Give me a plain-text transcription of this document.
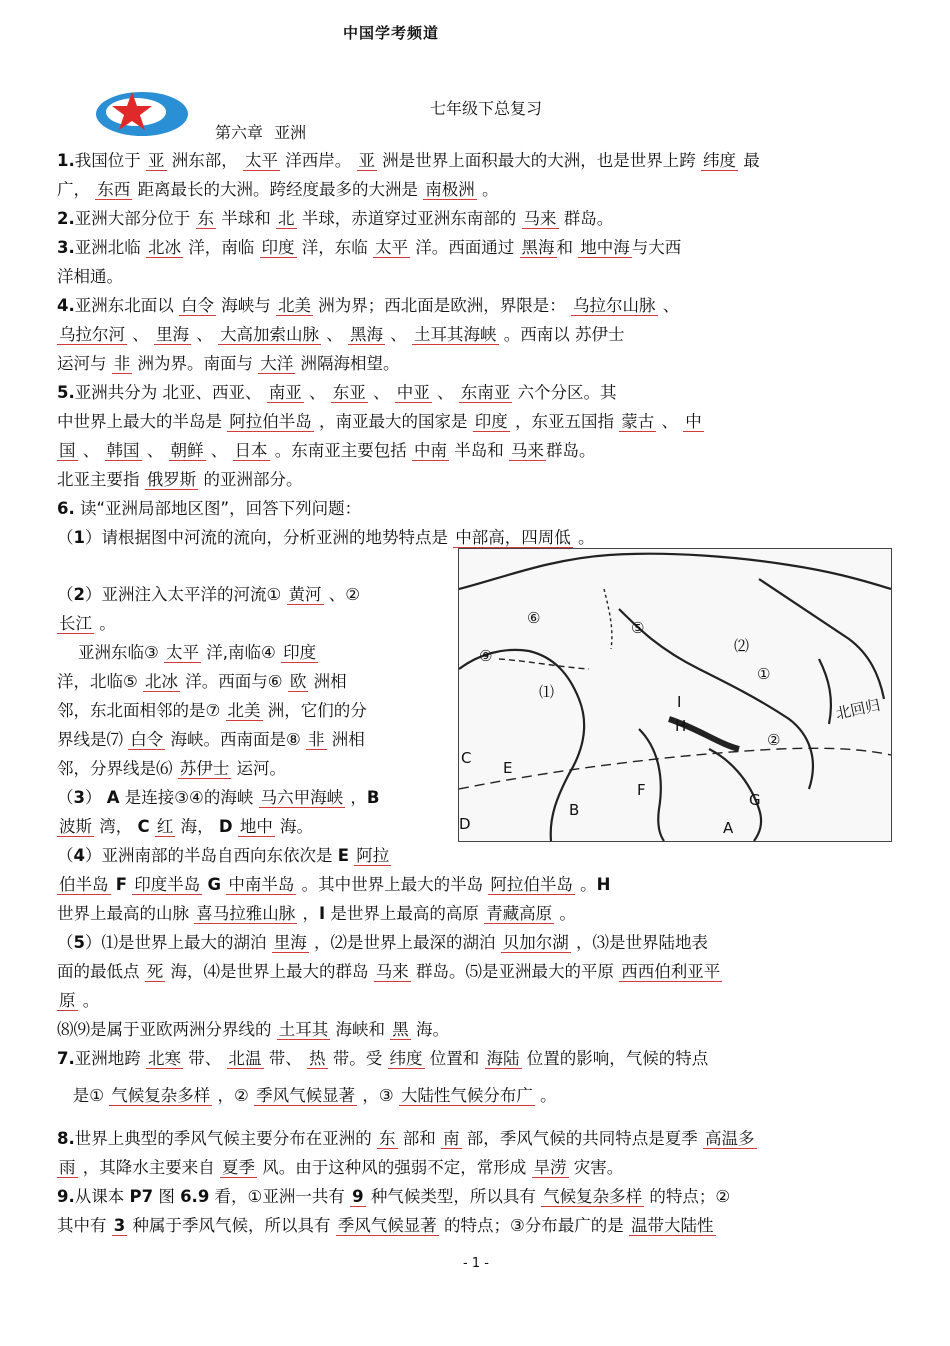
中国学考频道
七年级下总复习
第六章 亚洲
1.我国位于 亚 洲东部， 太平 洋西岸。 亚 洲是世界上面积最大的大洲，也是世界上跨 纬度 最
广， 东西 距离最长的大洲。跨经度最多的大洲是 南极洲 。
2.亚洲大部分位于 东 半球和 北 半球，赤道穿过亚洲东南部的 马来 群岛。
3.亚洲北临 北冰 洋，南临 印度 洋，东临 太平 洋。西面通过 黑海 和 地中海 与大西
洋相通。
4.亚洲东北面以 白令 海峡与 北美 洲为界；西北面是欧洲，界限是： 乌拉尔山脉 、
乌拉尔河 、 里海 、 大高加索山脉 、 黑海 、 土耳其海峡 。西南以 苏伊士
运河与 非 洲为界。南面与 大洋 洲隔海相望。
5.亚洲共分为 北亚、西亚、 南亚 、 东亚 、 中亚 、 东南亚 六个分区。其
中世界上最大的半岛是 阿拉伯半岛 ，南亚最大的国家是 印度 ，东亚五国指 蒙古 、 中
国 、 韩国 、 朝鲜 、 日本 。东南亚主要包括 中南 半岛和 马来 群岛。
北亚主要指 俄罗斯 的亚洲部分。
6. 读“亚洲局部地区图”，回答下列问题：
（1）请根据图中河流的流向，分析亚洲的地势特点是 中部高，四周低 。
（2）亚洲注入太平洋的河流① 黄河 、②
长江 。
亚洲东临③ 太平 洋,南临④ 印度
洋，北临⑤ 北冰 洋。西面与⑥ 欧 洲相
邻，东北面相邻的是⑦ 北美 洲，它们的分
界线是⑺ 白令 海峡。西南面是⑧ 非 洲相
邻，分界线是⑹ 苏伊士 运河。
（3） A 是连接③④的海峡 马六甲海峡 ，B
波斯 湾， C 红 海， D 地中 海。
（4）亚洲南部的半岛自西向东依次是 E 阿拉
伯半岛 F 印度半岛 G 中南半岛 。其中世界上最大的半岛 阿拉伯半岛 。H
世界上最高的山脉 喜马拉雅山脉 ，I 是世界上最高的高原 青藏高原 。
（5）⑴是世界上最大的湖泊 里海 ，⑵是世界上最深的湖泊 贝加尔湖 ，⑶是世界陆地表
面的最低点 死 海，⑷是世界上最大的群岛 马来 群岛。⑸是亚洲最大的平原 西西伯利亚平
原 。
⑻⑼是属于亚欧两洲分界线的 土耳其 海峡和 黑 海。
7.亚洲地跨 北寒 带、 北温 带、 热 带。受 纬度 位置和 海陆 位置的影响，气候的特点
是① 气候复杂多样 ，② 季风气候显著 ，③ 大陆性气候分布广 。
8.世界上典型的季风气候主要分布在亚洲的 东 部和 南 部，季风气候的共同特点是夏季 高温多
雨 ，其降水主要来自 夏季 风。由于这种风的强弱不定，常形成 旱涝 灾害。
9.从课本 P7 图 6.9 看，①亚洲一共有 9 种气候类型，所以具有 气候复杂多样 的特点；②
其中有 3 种属于季风气候，所以具有 季风气候显著 的特点；③分布最广的是 温带大陆性
⑥
⑤
⑨
⑵
⑴
①
②
I
H
北回归
C
E
B
F
G
A
D
- 1 -
